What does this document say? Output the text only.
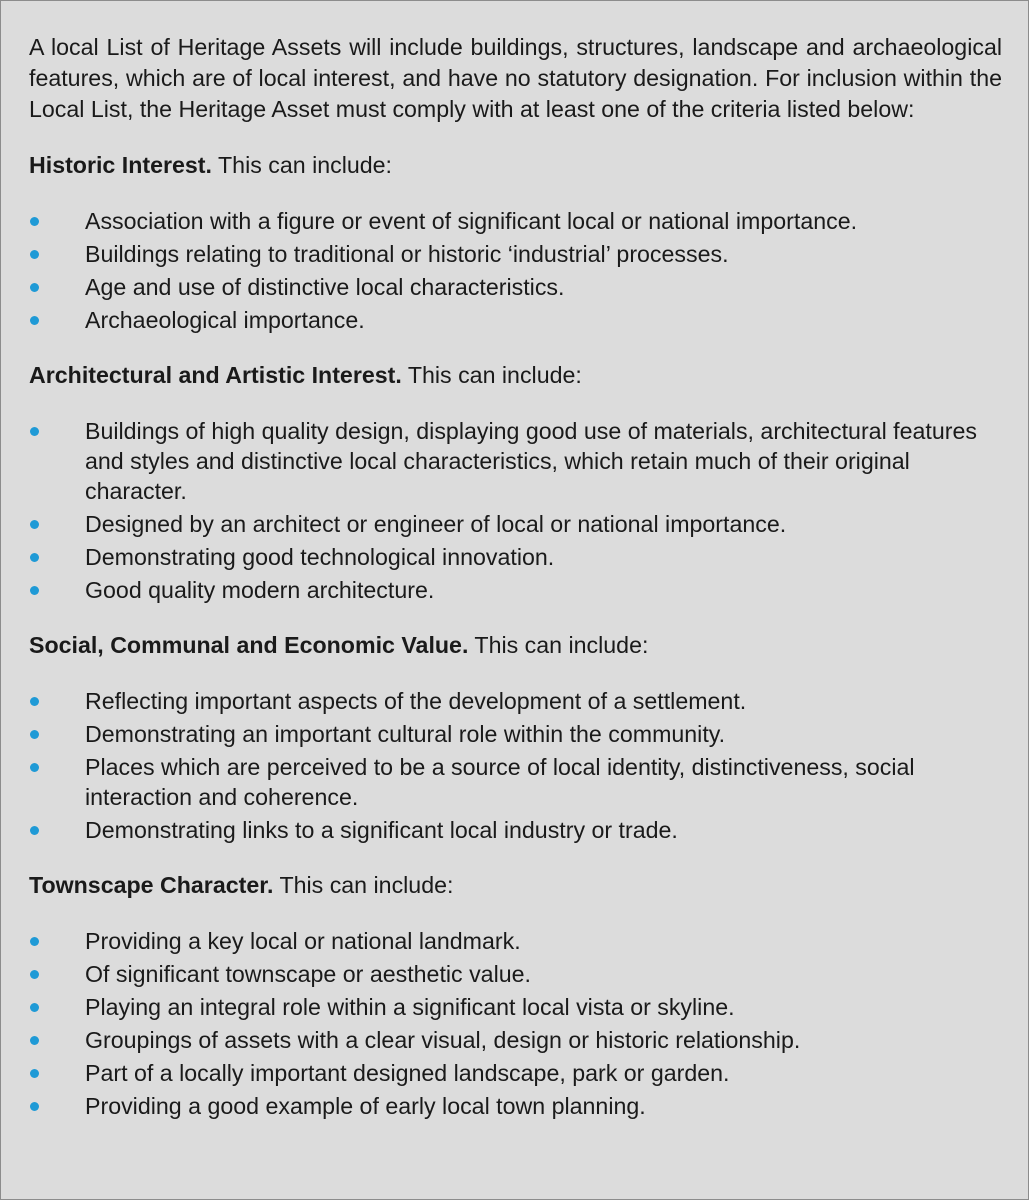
A local List of Heritage Assets will include buildings, structures, landscape and archaeological features, which are of local interest, and have no statutory designation. For inclusion within the Local List, the Heritage Asset must comply with at least one of the criteria listed below:

Historic Interest. This can include:

Association with a figure or event of significant local or national importance.
Buildings relating to traditional or historic ‘industrial’ processes.
Age and use of distinctive local characteristics.
Archaeological importance.

Architectural and Artistic Interest. This can include:

Buildings of high quality design, displaying good use of materials, architectural features and styles and distinctive local characteristics, which retain much of their original character.
Designed by an architect or engineer of local or national importance.
Demonstrating good technological innovation.
Good quality modern architecture.

Social, Communal and Economic Value. This can include:

Reflecting important aspects of the development of a settlement.
Demonstrating an important cultural role within the community.
Places which are perceived to be a source of local identity, distinctiveness, social interaction and coherence.
Demonstrating links to a significant local industry or trade.

Townscape Character. This can include:

Providing a key local or national landmark.
Of significant townscape or aesthetic value.
Playing an integral role within a significant local vista or skyline.
Groupings of assets with a clear visual, design or historic relationship.
Part of a locally important designed landscape, park or garden.
Providing a good example of early local town planning.
